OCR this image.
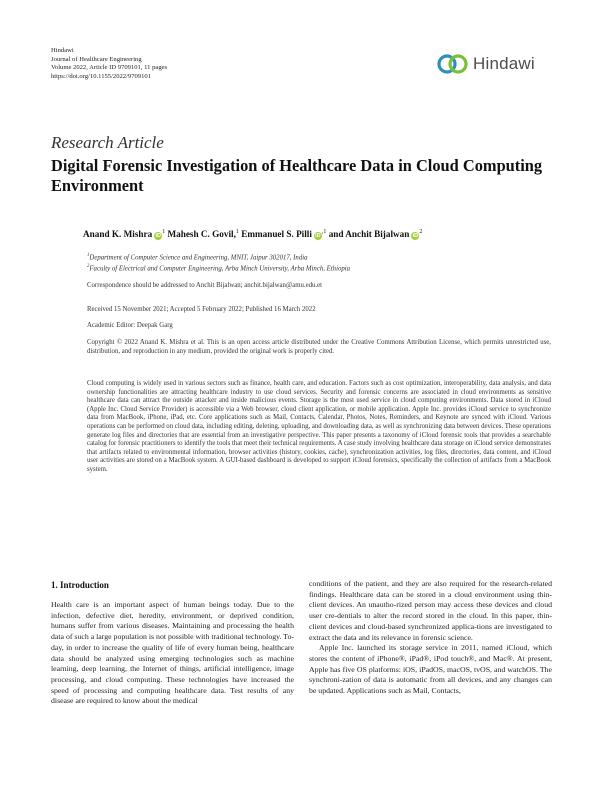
Hindawi
Journal of Healthcare Engineering
Volume 2022, Article ID 9709101, 11 pages
https://doi.org/10.1155/2022/9709101
Hindawi
Research Article
Digital Forensic Investigation of Healthcare Data in Cloud Computing Environment
Anand K. Mishra $iD^1$ Mahesh C. Govil,$^1$ Emmanuel S. Pilli $iD^{,1}$ and Anchit Bijalwan $iD^2$
$^1$Department of Computer Science and Engineering, MNIT, Jaipur 302017, India
$^2$Faculty of Electrical and Computer Engineering, Arba Minch University, Arba Minch, Ethiopia
Correspondence should be addressed to Anchit Bijalwan; anchit.bijalwan@amu.edu.et
Received 15 November 2021; Accepted 5 February 2022; Published 16 March 2022
Academic Editor: Deepak Garg
Copyright © 2022 Anand K. Mishra et al. This is an open access article distributed under the Creative Commons Attribution License, which permits unrestricted use, distribution, and reproduction in any medium, provided the original work is properly cited.
Cloud computing is widely used in various sectors such as finance, health care, and education. Factors such as cost optimization, interoperability, data analysis, and data ownership functionalities are attracting healthcare industry to use cloud services. Security and forensic concerns are associated in cloud environments as sensitive healthcare data can attract the outside attacker and inside malicious events. Storage is the most used service in cloud computing environments. Data stored in iCloud (Apple Inc. Cloud Service Provider) is accessible via a Web browser, cloud client application, or mobile application. Apple Inc. provides iCloud service to synchronize data from MacBook, iPhone, iPad, etc. Core applications such as Mail, Contacts, Calendar, Photos, Notes, Reminders, and Keynote are synced with iCloud. Various operations can be performed on cloud data, including editing, deleting, uploading, and downloading data, as well as synchronizing data between devices. These operations generate log files and directories that are essential from an investigative perspective. This paper presents a taxonomy of iCloud forensic tools that provides a searchable catalog for forensic practitioners to identify the tools that meet their technical requirements. A case study involving healthcare data storage on iCloud service demonstrates that artifacts related to environmental information, browser activities (history, cookies, cache), synchronization activities, log files, directories, data content, and iCloud user activities are stored on a MacBook system. A GUI-based dashboard is developed to support iCloud forensics, specifically the collection of artifacts from a MacBook system.
1. Introduction

Health care is an important aspect of human beings today. Due to the infection, defective diet, heredity, environment, or deprived condition, humans suffer from various diseases. Maintaining and processing the health data of such a large population is not possible with traditional technology. To-day, in order to increase the quality of life of every human being, healthcare data should be analyzed using emerging technologies such as machine learning, deep learning, the Internet of things, artificial intelligence, image processing, and cloud computing. These technologies have increased the speed of processing and computing healthcare data. Test results of any disease are required to know about the medical

conditions of the patient, and they are also required for the research-related findings. Healthcare data can be stored in a cloud environment using thin-client devices. An unautho-rized person may access these devices and cloud user cre-dentials to alter the record stored in the cloud. In this paper, thin-client devices and cloud-based synchronized applica-tions are investigated to extract the data and its relevance in forensic science.

Apple Inc. launched its storage service in 2011, named iCloud, which stores the content of iPhone®, iPad®, iPod touch®, and Mac®. At present, Apple has five OS platforms: iOS, iPadOS, macOS, tvOS, and watchOS. The synchroni-zation of data is automatic from all devices, and any changes can be updated. Applications such as Mail, Contacts,
